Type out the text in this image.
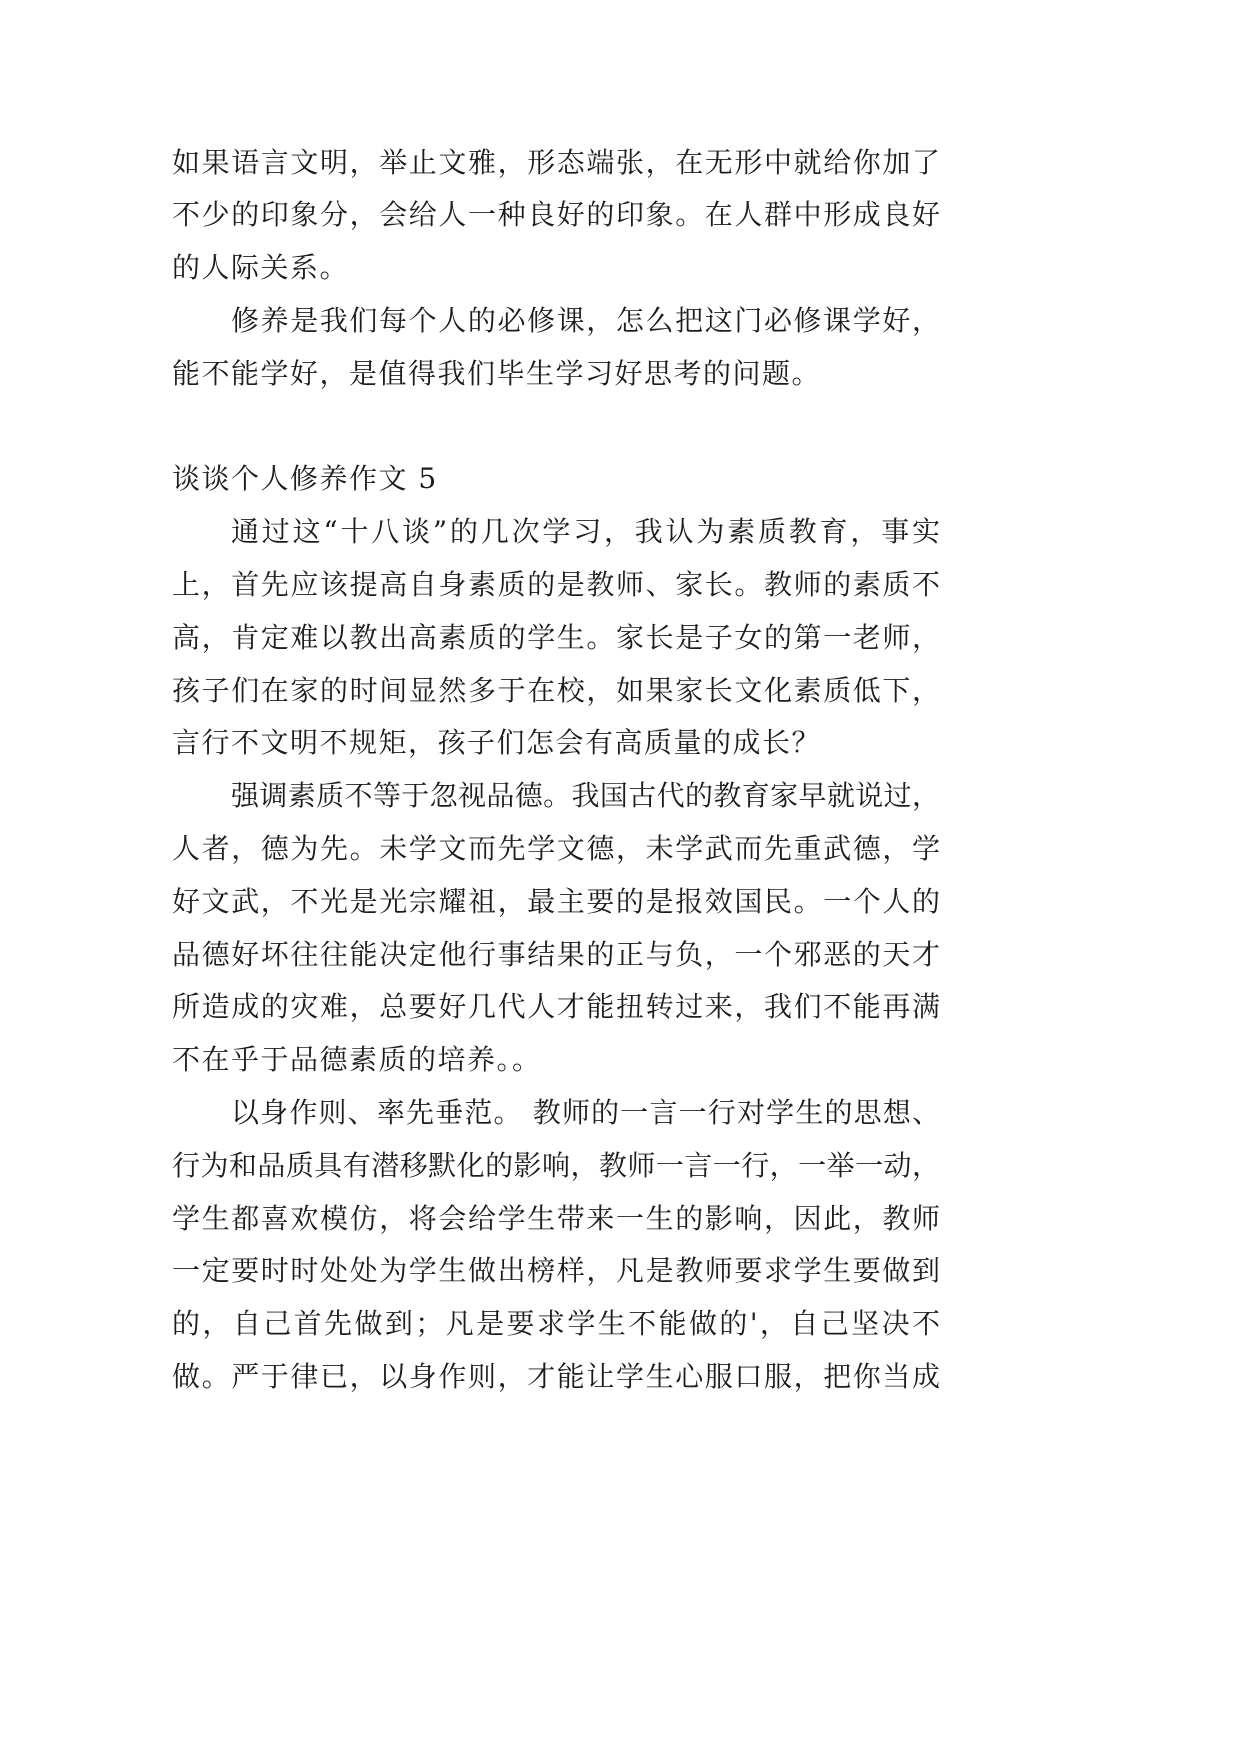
如果语言文明，举止文雅，形态端张，在无形中就给你加了
不少的印象分，会给人一种良好的印象。在人群中形成良好
的人际关系。
修养是我们每个人的必修课，怎么把这门必修课学好，
能不能学好，是值得我们毕生学习好思考的问题。
谈谈个人修养作文 5
通过这“十八谈”的几次学习，我认为素质教育，事实
上，首先应该提高自身素质的是教师、家长。教师的素质不
高，肯定难以教出高素质的学生。家长是子女的第一老师，
孩子们在家的时间显然多于在校，如果家长文化素质低下，
言行不文明不规矩，孩子们怎会有高质量的成长？
强调素质不等于忽视品德。我国古代的教育家早就说过，
人者，德为先。未学文而先学文德，未学武而先重武德，学
好文武，不光是光宗耀祖，最主要的是报效国民。一个人的
品德好坏往往能决定他行事结果的正与负，一个邪恶的天才
所造成的灾难，总要好几代人才能扭转过来，我们不能再满
不在乎于品德素质的培养。。
以身作则、率先垂范。 教师的一言一行对学生的思想、
行为和品质具有潜移默化的影响，教师一言一行，一举一动，
学生都喜欢模仿，将会给学生带来一生的影响，因此，教师
一定要时时处处为学生做出榜样，凡是教师要求学生要做到
的，自己首先做到；凡是要求学生不能做的'，自己坚决不
做。严于律已，以身作则，才能让学生心服口服，把你当成
